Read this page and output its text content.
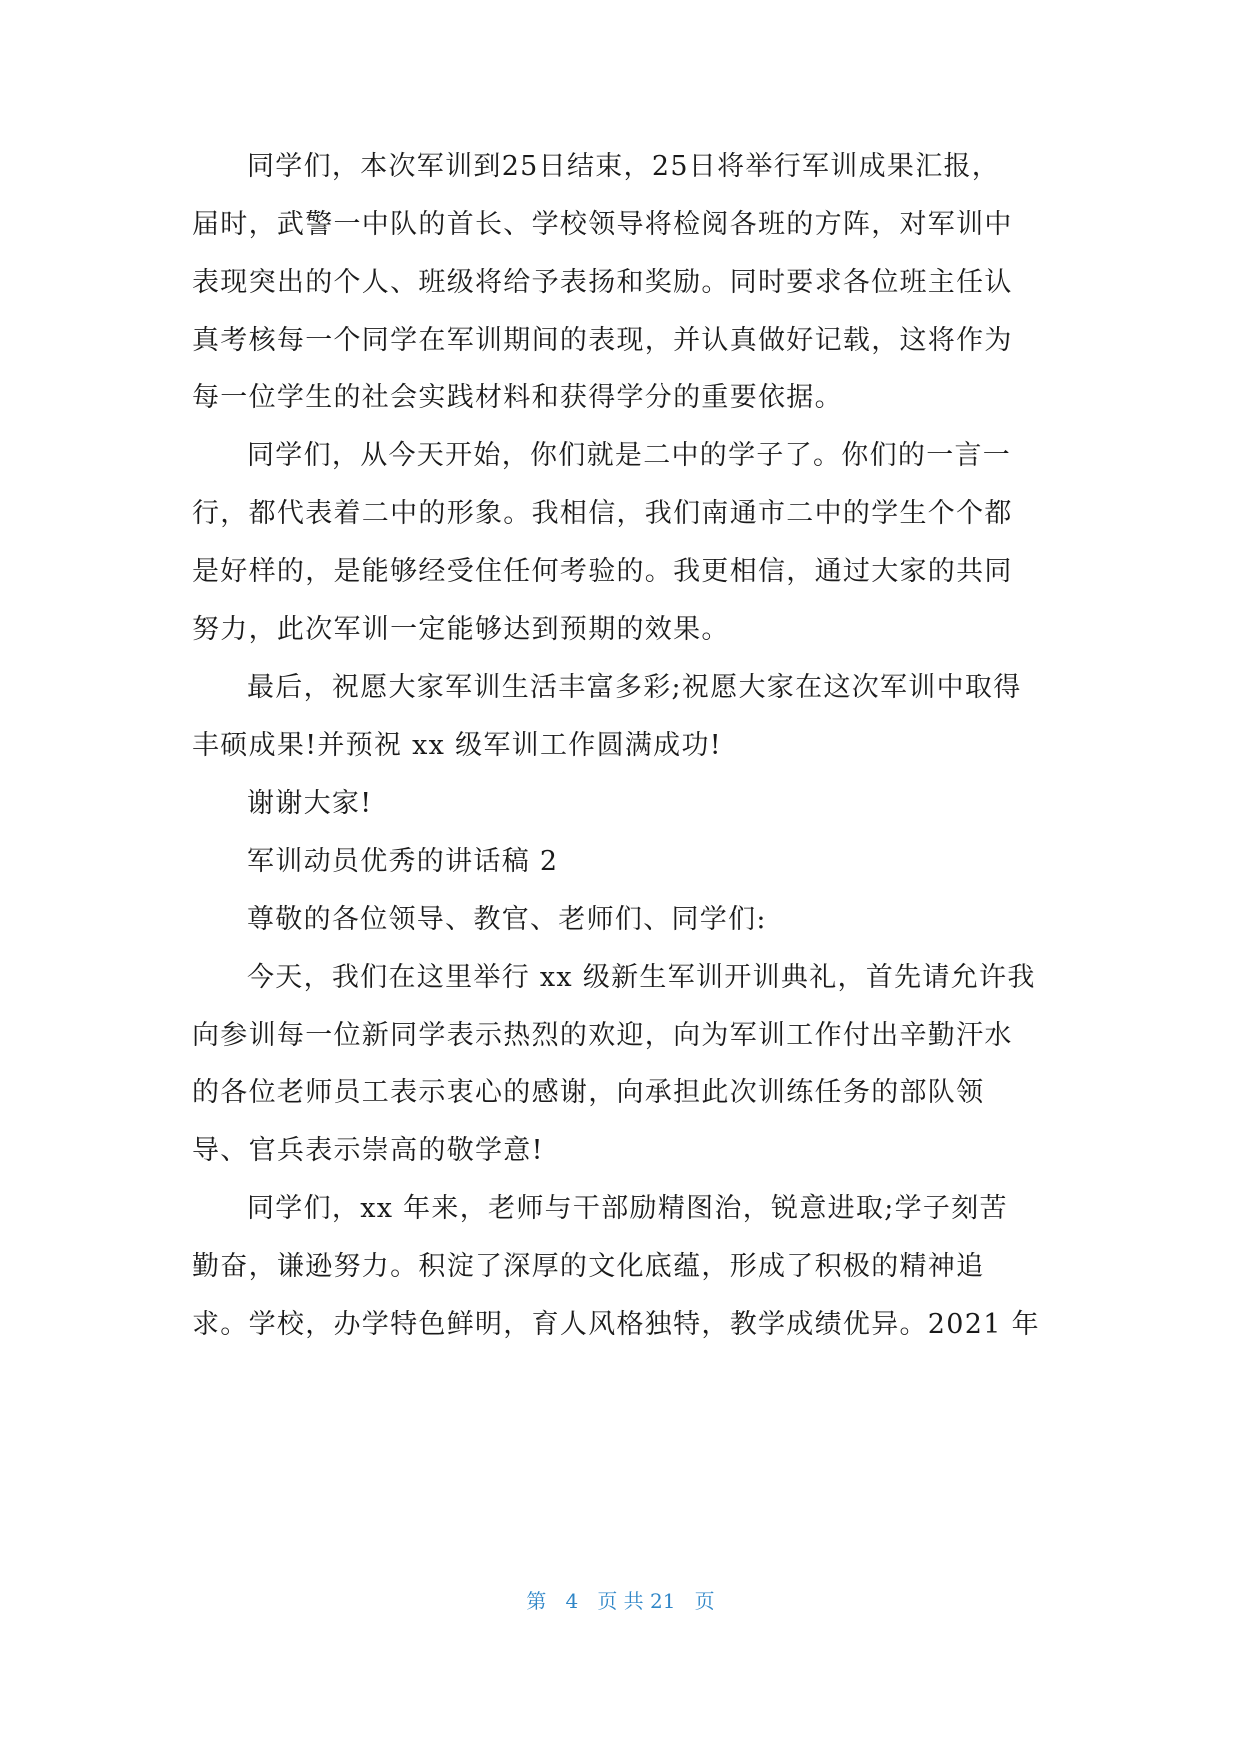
同学们，本次军训到25日结束，25日将举行军训成果汇报，
届时，武警一中队的首长、学校领导将检阅各班的方阵，对军训中
表现突出的个人、班级将给予表扬和奖励。同时要求各位班主任认
真考核每一个同学在军训期间的表现，并认真做好记载，这将作为
每一位学生的社会实践材料和获得学分的重要依据。
同学们，从今天开始，你们就是二中的学子了。你们的一言一
行，都代表着二中的形象。我相信，我们南通市二中的学生个个都
是好样的，是能够经受住任何考验的。我更相信，通过大家的共同
努力，此次军训一定能够达到预期的效果。
最后，祝愿大家军训生活丰富多彩;祝愿大家在这次军训中取得
丰硕成果!并预祝 xx 级军训工作圆满成功!
谢谢大家!
军训动员优秀的讲话稿 2
尊敬的各位领导、教官、老师们、同学们:
今天，我们在这里举行 xx 级新生军训开训典礼，首先请允许我
向参训每一位新同学表示热烈的欢迎，向为军训工作付出辛勤汗水
的各位老师员工表示衷心的感谢，向承担此次训练任务的部队领
导、官兵表示崇高的敬学意!
同学们，xx 年来，老师与干部励精图治，锐意进取;学子刻苦
勤奋，谦逊努力。积淀了深厚的文化底蕴，形成了积极的精神追
求。学校，办学特色鲜明，育人风格独特，教学成绩优异。2021 年
第 4 页 共 21 页
